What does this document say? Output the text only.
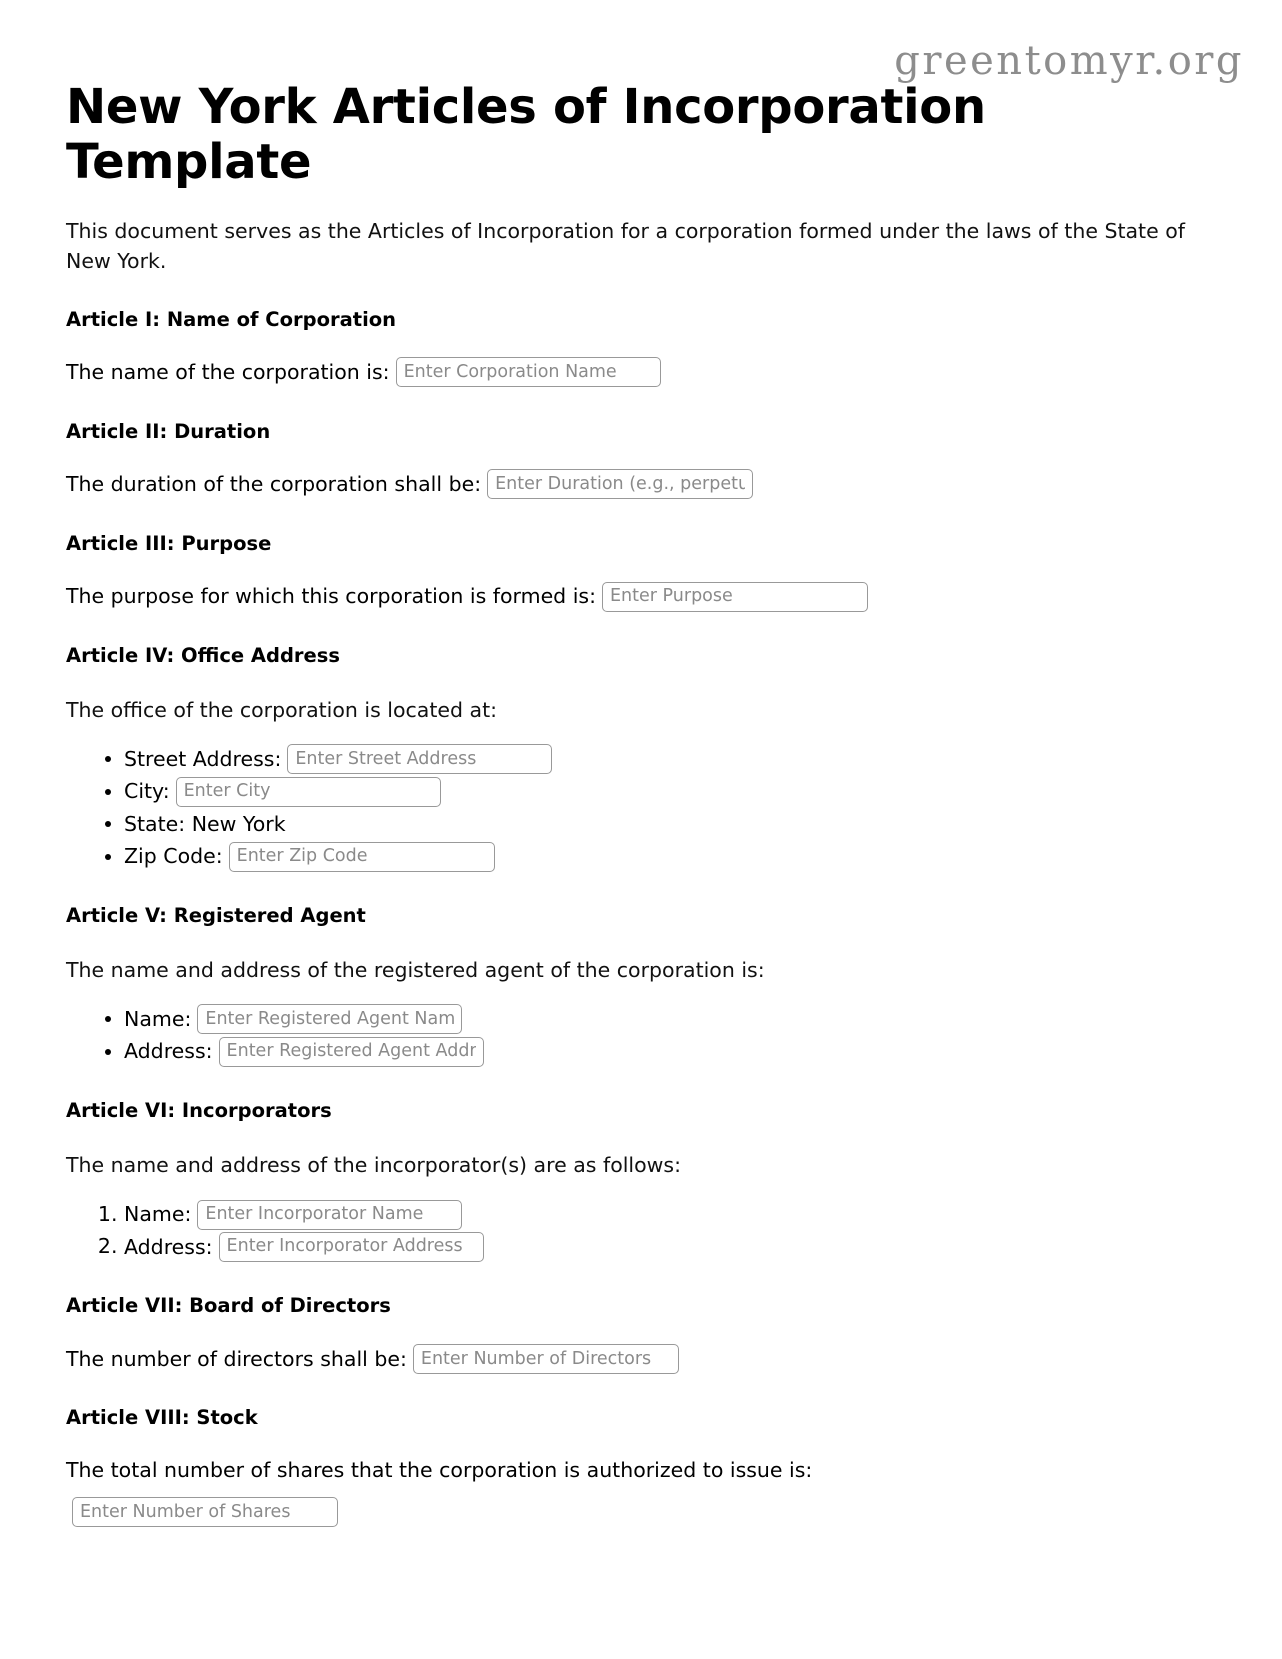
greentomyr.org
New York Articles of Incorporation Template

This document serves as the Articles of Incorporation for a corporation formed under the laws of the State of New York.

Article I: Name of Corporation
The name of the corporation is:
Enter Corporation Name
Article II: Duration
The duration of the corporation shall be:
Enter Duration (e.g., perpetual)
Article III: Purpose
The purpose for which this corporation is formed is:
Enter Purpose
Article IV: Office Address

The office of the corporation is located at:

• Street Address:
Enter Street Address
• City:
Enter City
• State: New York
• Zip Code:
Enter Zip Code
Article V: Registered Agent

The name and address of the registered agent of the corporation is:

• Name:
Enter Registered Agent Name
• Address:
Enter Registered Agent Address
Article VI: Incorporators

The name and address of the incorporator(s) are as follows:

1. Name:
Enter Incorporator Name
2. Address:
Enter Incorporator Address
Article VII: Board of Directors
The number of directors shall be:
Enter Number of Directors
Article VIII: Stock

The total number of shares that the corporation is authorized to issue is:

Enter Number of Shares
